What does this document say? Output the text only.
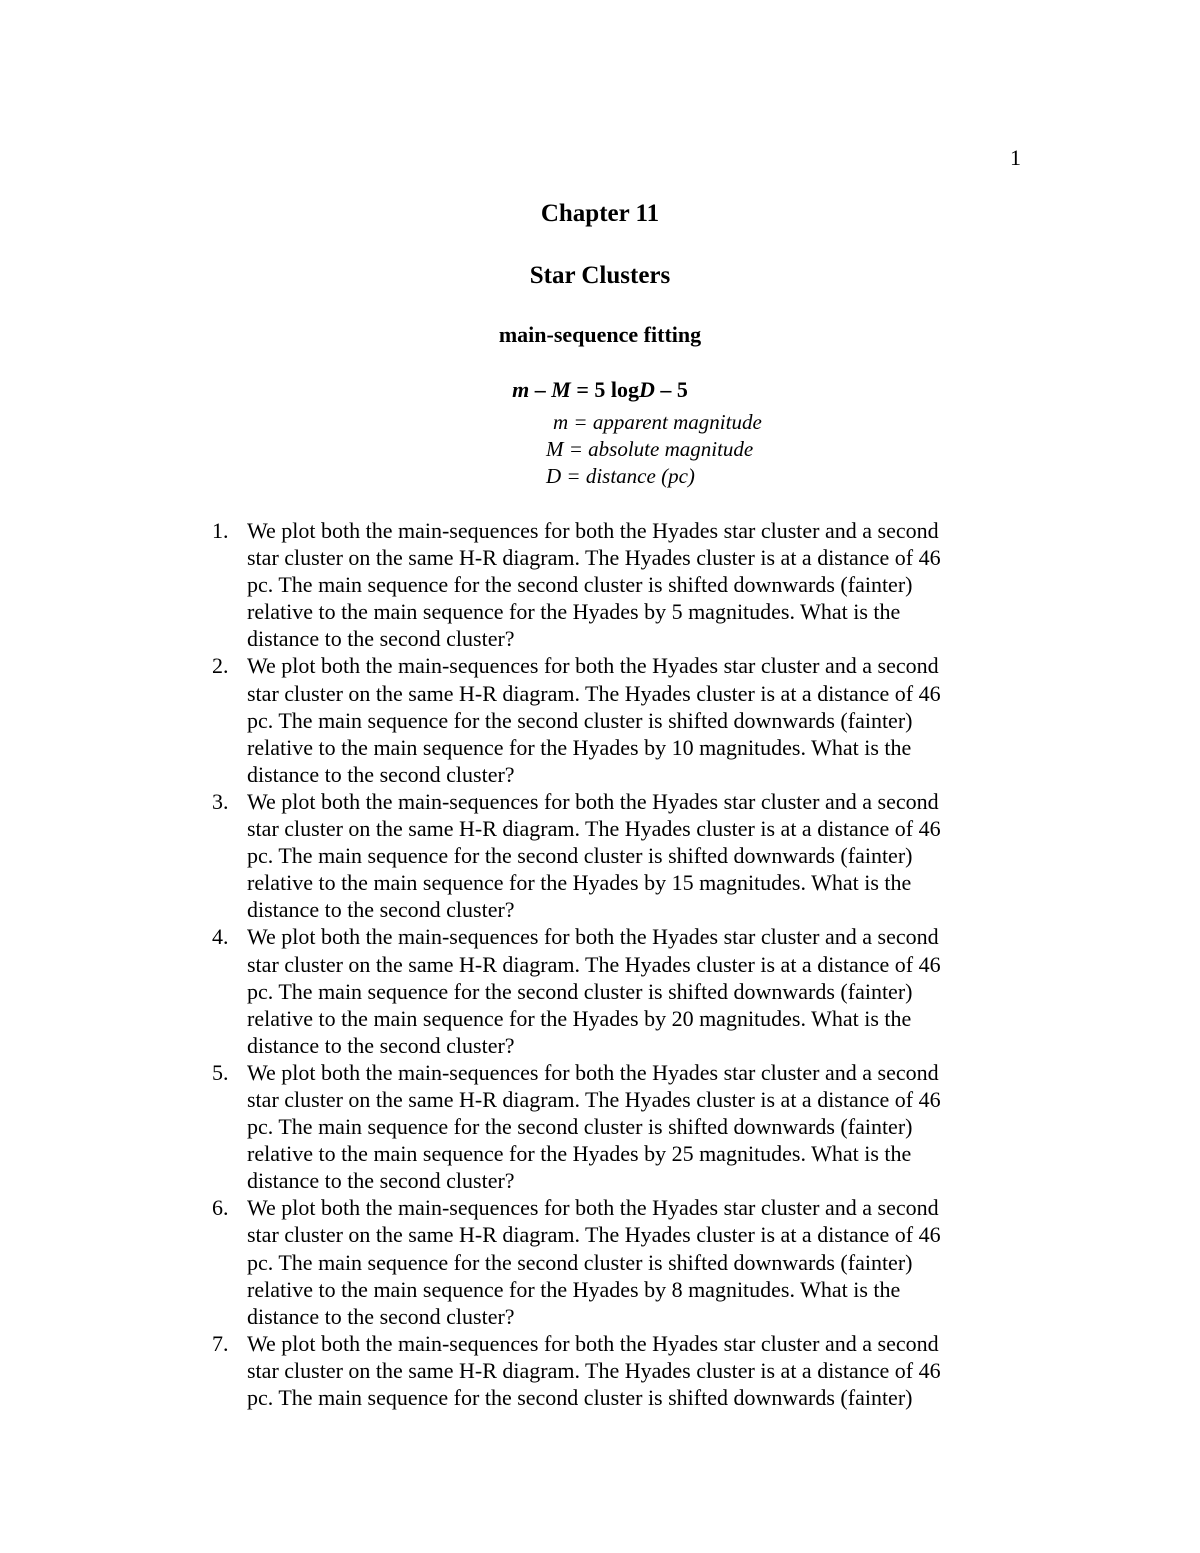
1
Chapter 11
Star Clusters
main-sequence fitting
m – M = 5 logD – 5
m = apparent magnitude
M = absolute magnitude
D = distance (pc)
1. We plot both the main-sequences for both the Hyades star cluster and a second
star cluster on the same H-R diagram. The Hyades cluster is at a distance of 46
pc. The main sequence for the second cluster is shifted downwards (fainter)
relative to the main sequence for the Hyades by 5 magnitudes. What is the
distance to the second cluster?
2. We plot both the main-sequences for both the Hyades star cluster and a second
star cluster on the same H-R diagram. The Hyades cluster is at a distance of 46
pc. The main sequence for the second cluster is shifted downwards (fainter)
relative to the main sequence for the Hyades by 10 magnitudes. What is the
distance to the second cluster?
3. We plot both the main-sequences for both the Hyades star cluster and a second
star cluster on the same H-R diagram. The Hyades cluster is at a distance of 46
pc. The main sequence for the second cluster is shifted downwards (fainter)
relative to the main sequence for the Hyades by 15 magnitudes. What is the
distance to the second cluster?
4. We plot both the main-sequences for both the Hyades star cluster and a second
star cluster on the same H-R diagram. The Hyades cluster is at a distance of 46
pc. The main sequence for the second cluster is shifted downwards (fainter)
relative to the main sequence for the Hyades by 20 magnitudes. What is the
distance to the second cluster?
5. We plot both the main-sequences for both the Hyades star cluster and a second
star cluster on the same H-R diagram. The Hyades cluster is at a distance of 46
pc. The main sequence for the second cluster is shifted downwards (fainter)
relative to the main sequence for the Hyades by 25 magnitudes. What is the
distance to the second cluster?
6. We plot both the main-sequences for both the Hyades star cluster and a second
star cluster on the same H-R diagram. The Hyades cluster is at a distance of 46
pc. The main sequence for the second cluster is shifted downwards (fainter)
relative to the main sequence for the Hyades by 8 magnitudes. What is the
distance to the second cluster?
7. We plot both the main-sequences for both the Hyades star cluster and a second
star cluster on the same H-R diagram. The Hyades cluster is at a distance of 46
pc. The main sequence for the second cluster is shifted downwards (fainter)
